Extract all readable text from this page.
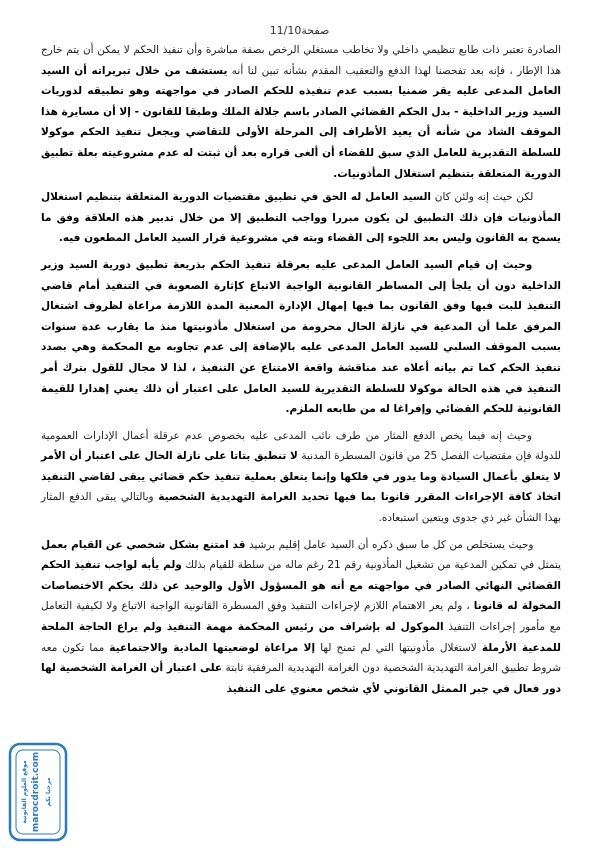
صفحة11/10

الصادرة تعتبر ذات طابع تنظيمي داخلي ولا تخاطب مستغلي الرخص بصفة مباشرة وأن تنفيذ الحكم لا يمكن أن يتم خارج هذا الإطار ، فإنه بعد تفحصنا لهذا الدفع والتعقيب المقدم بشأنه تبين لنا أنه يستشف من خلال تبريراته أن السيد العامل المدعى عليه يقر ضمنيا بسبب عدم تنفيذه للحكم الصادر في مواجهته وهو تطبيقه لدوريات السيد وزير الداخلية - بدل الحكم القضائي الصادر باسم جلالة الملك وطبقا للقانون - إلا أن مسايرة هذا الموقف الشاذ من شأنه أن يعيد الأطراف إلى المرحلة الأولى للتقاضي ويجعل تنفيذ الحكم موكولا للسلطة التقديرية للعامل الذي سبق للقضاء أن ألغى قراره بعد أن ثبتت له عدم مشروعيته بعلة تطبيق الدورية المتعلقة بتنظيم استغلال المأذونيات.

لكن حيث إنه ولئن كان السيد العامل له الحق في تطبيق مقتضيات الدورية المتعلقة بتنظيم استغلال المأذونيات فإن ذلك التطبيق لن يكون مبررا وواجب التطبيق إلا من خلال تدبير هذه العلاقة وفق ما يسمح به القانون وليس بعد اللجوء إلى القضاء وبته في مشروعية قرار السيد العامل المطعون فيه.

وحيث إن قيام السيد العامل المدعى عليه بعرقلة تنفيذ الحكم بذريعة تطبيق دورية السيد وزير الداخلية دون أن يلجأ إلى المساطر القانونية الواجبة الاتباع كإثارة الصعوبة في التنفيذ أمام قاضي التنفيذ للبت فيها وفق القانون بما فيها إمهال الإدارة المعنية المدة اللازمة مراعاة لظروف اشتغال المرفق علما أن المدعية في نازلة الحال محرومة من استغلال مأذونيتها منذ ما يقارب عدة سنوات بسبب الموقف السلبي للسيد العامل المدعى عليه بالإضافة إلى عدم تجاوبه مع المحكمة وهي بصدد تنفيذ الحكم كما تم بيانه أعلاه عند مناقشة واقعة الامتناع عن التنفيذ ، لذا لا مجال للقول بترك أمر التنفيذ في هذه الحالة موكولا للسلطة التقديرية للسيد العامل على اعتبار أن ذلك يعني إهدارا للقيمة القانونية للحكم القضائي وإفراغا له من طابعه الملزم.

وحيث إنه فيما يخص الدفع المثار من طرف نائب المدعى عليه بخصوص عدم عرقلة أعمال الإدارات العمومية للدولة فإن مقتضيات الفصل 25 من قانون المسطرة المدنية لا تنطبق بتاتا على نازلة الحال على اعتبار أن الأمر لا يتعلق بأعمال السيادة وما يدور في فلكها وإنما يتعلق بعملية تنفيذ حكم قضائي يبقى لقاضي التنفيذ اتخاذ كافة الإجراءات المقرر قانونا بما فيها تحديد الغرامة التهديدية الشخصية وبالتالي يبقى الدفع المثار بهذا الشأن غير ذي جدوى ويتعين استبعاده.

وحيث يستخلص من كل ما سبق ذكره أن السيد عامل إقليم برشيد قد امتنع بشكل شخصي عن القيام بعمل يتمثل في تمكين المدعية من تشغيل المأذونية رقم 21 رغم ماله من سلطة للقيام بذلك ولم يأبه لواجب تنفيذ الحكم القضائي النهائي الصادر في مواجهته مع أنه هو المسؤول الأول والوحيد عن ذلك بحكم الاختصاصات المخولة له قانونا ، ولم يعر الاهتمام اللازم لإجراءات التنفيذ وفق المسطرة القانونية الواجبة الاتباع ولا لكيفية التعامل مع مأمور إجراءات التنفيذ الموكول له بإشراف من رئيس المحكمة مهمة التنفيذ ولم يراع الحاجة الملحة للمدعية الأرملة لاستغلال مأذونيتها التي لم تمنح لها إلا مراعاة لوضعيتها المادية والاجتماعية مما تكون معه شروط تطبيق الغرامة التهديدية الشخصية دون الغرامة التهديدية المرفقية ثابتة على اعتبار أن الغرامة الشخصية لها دور فعال في جبر الممثل القانوني لأي شخص معنوي على التنفيذ

marocdroit.com
موقع العلوم القانونية	مرحبا بكم
